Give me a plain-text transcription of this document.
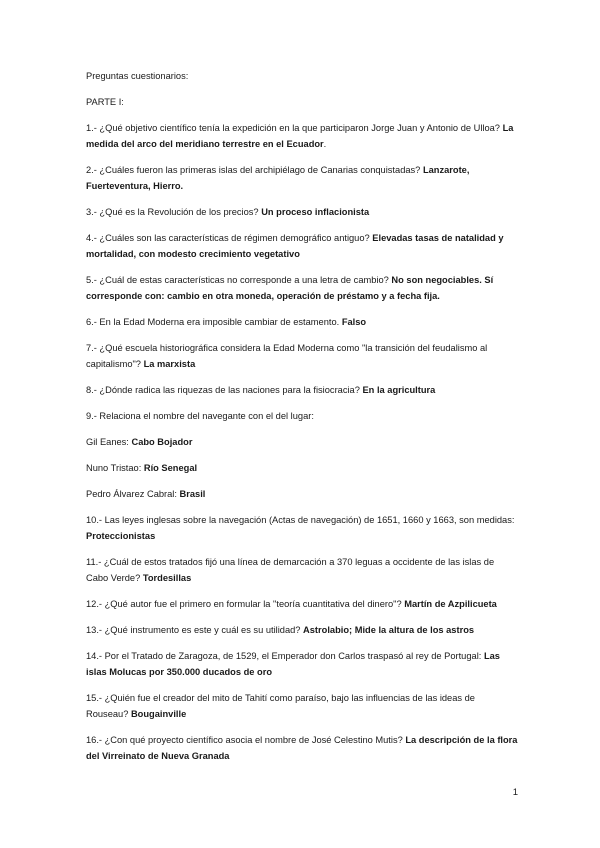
Preguntas cuestionarios:

PARTE I:

1.- ¿Qué objetivo científico tenía la expedición en la que participaron Jorge Juan y Antonio de Ulloa? La medida del arco del meridiano terrestre en el Ecuador.

2.- ¿Cuáles fueron las primeras islas del archipiélago de Canarias conquistadas? Lanzarote, Fuerteventura, Hierro.

3.- ¿Qué es la Revolución de los precios? Un proceso inflacionista

4.- ¿Cuáles son las características de régimen demográfico antiguo? Elevadas tasas de natalidad y mortalidad, con modesto crecimiento vegetativo

5.- ¿Cuál de estas características no corresponde a una letra de cambio? No son negociables. Sí corresponde con: cambio en otra moneda, operación de préstamo y a fecha fija.

6.- En la Edad Moderna era imposible cambiar de estamento. Falso

7.- ¿Qué escuela historiográfica considera la Edad Moderna como "la transición del feudalismo al capitalismo"? La marxista

8.- ¿Dónde radica las riquezas de las naciones para la fisiocracia? En la agricultura

9.- Relaciona el nombre del navegante con el del lugar:

Gil Eanes: Cabo Bojador

Nuno Tristao: Río Senegal

Pedro Álvarez Cabral: Brasil

10.- Las leyes inglesas sobre la navegación (Actas de navegación) de 1651, 1660 y 1663, son medidas: Proteccionistas

11.- ¿Cuál de estos tratados fijó una línea de demarcación a 370 leguas a occidente de las islas de Cabo Verde? Tordesillas

12.- ¿Qué autor fue el primero en formular la "teoría cuantitativa del dinero"? Martín de Azpilicueta

13.- ¿Qué instrumento es este y cuál es su utilidad? Astrolabio; Mide la altura de los astros

14.- Por el Tratado de Zaragoza, de 1529, el Emperador don Carlos traspasó al rey de Portugal: Las islas Molucas por 350.000 ducados de oro

15.- ¿Quién fue el creador del mito de Tahití como paraíso, bajo las influencias de las ideas de Rouseau? Bougainville

16.- ¿Con qué proyecto científico asocia el nombre de José Celestino Mutis? La descripción de la flora del Virreinato de Nueva Granada

1
